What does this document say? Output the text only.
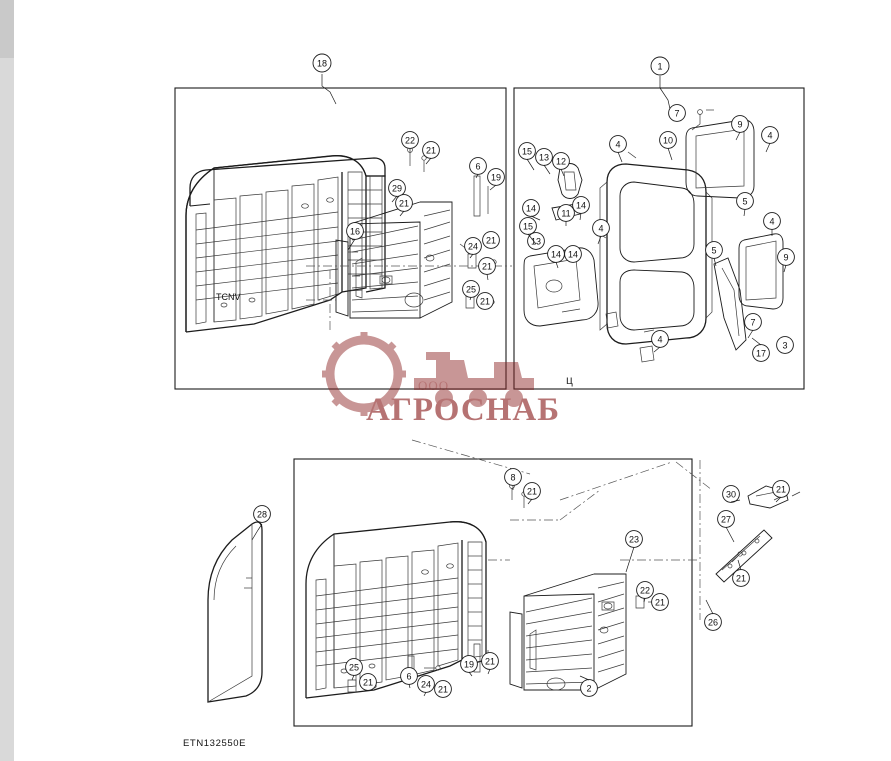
TCNV
18	1
22
21
6
19
29
21
16
24
21
21
25
21
15
13 12
14	11
14
15
13
14 14
4	10
7
9
4
5
4
9
5
7
3
17
4
4
28
8
21	30	21
27
23
21
22
21
26
19 21
6
24 21
25
21
2
ООО
АГРОСНАБ
ц
ETN132550E
